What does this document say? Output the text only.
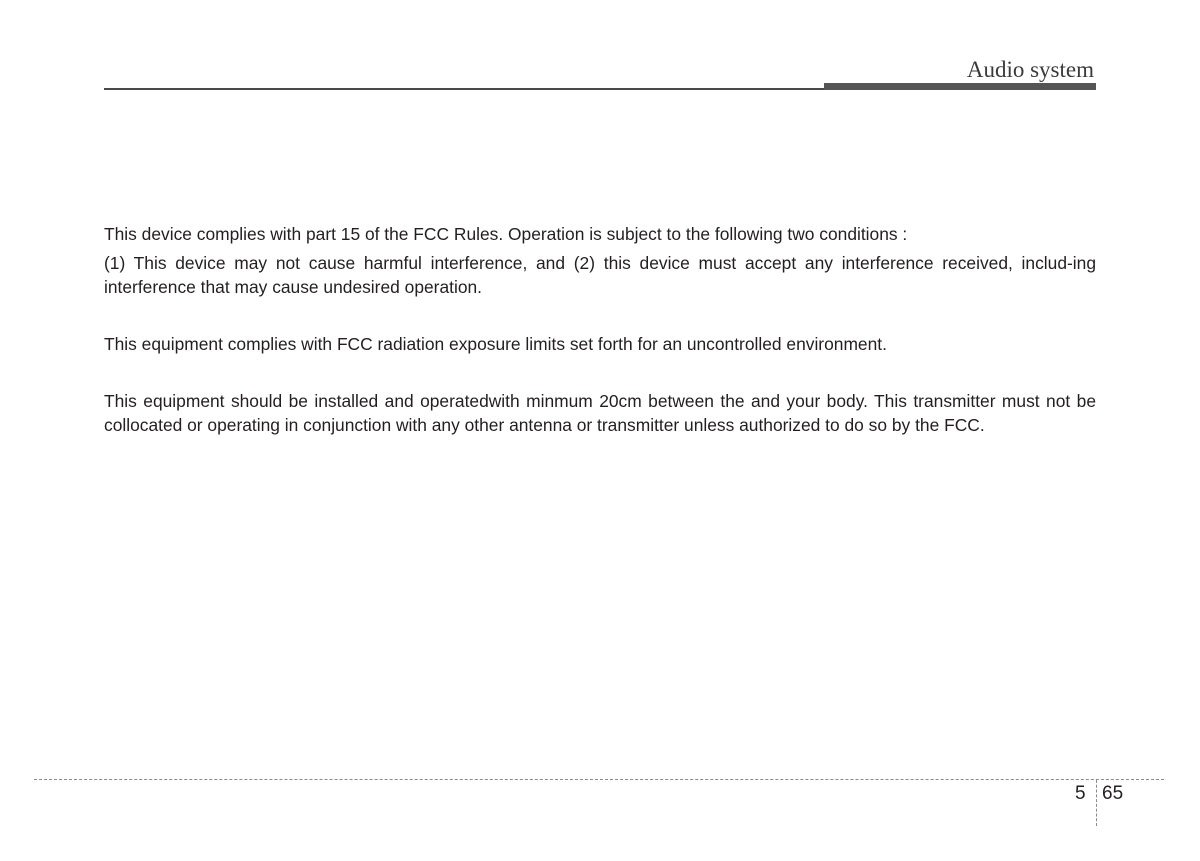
Audio system

This device complies with part 15 of the FCC Rules. Operation is subject to the following two conditions :

(1) This device may not cause harmful interference, and (2) this device must accept any interference received, includ-ing interference that may cause undesired operation.

This equipment complies with FCC radiation exposure limits set forth for an uncontrolled environment.

This equipment should be installed and operatedwith minmum 20cm between the and your body. This transmitter must not be collocated or operating in conjunction with any other antenna or transmitter unless authorized to do so by the FCC.

5 65
